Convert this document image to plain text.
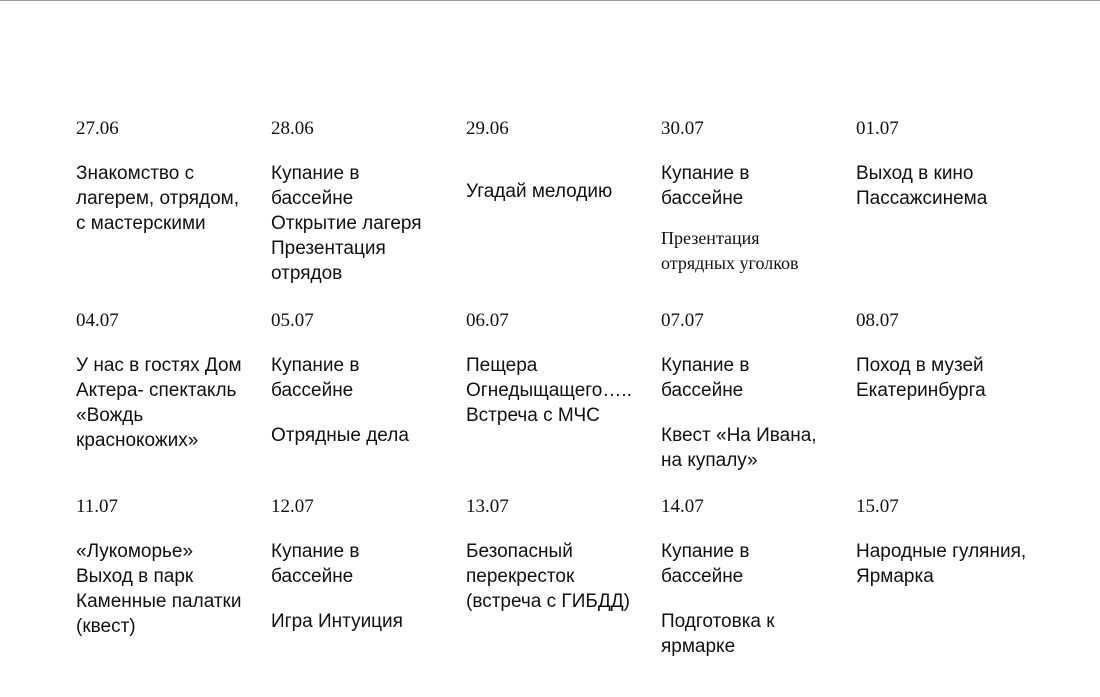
27.06

Знакомство с
лагерем, отрядом,
с мастерскими

28.06

Купание в
бассейне
Открытие лагеря
Презентация
отрядов

29.06

Угадай мелодию

30.07

Купание в
бассейне

Презентация
отрядных уголков

01.07

Выход в кино
Пассажсинема

04.07

У нас в гостях Дом
Актера- спектакль
«Вождь
краснокожих»

05.07

Купание в
бассейне

Отрядные дела

06.07

Пещера
Огнедыщащего…..
Встреча с МЧС

07.07

Купание в
бассейне

Квест «На Ивана,
на купалу»

08.07

Поход в музей
Екатеринбурга

11.07

«Лукоморье»
Выход в парк
Каменные палатки
(квест)

12.07

Купание в
бассейне

Игра Интуиция

13.07

Безопасный
перекресток
(встреча с ГИБДД)

14.07

Купание в
бассейне

Подготовка к
ярмарке

15.07

Народные гуляния,
Ярмарка
